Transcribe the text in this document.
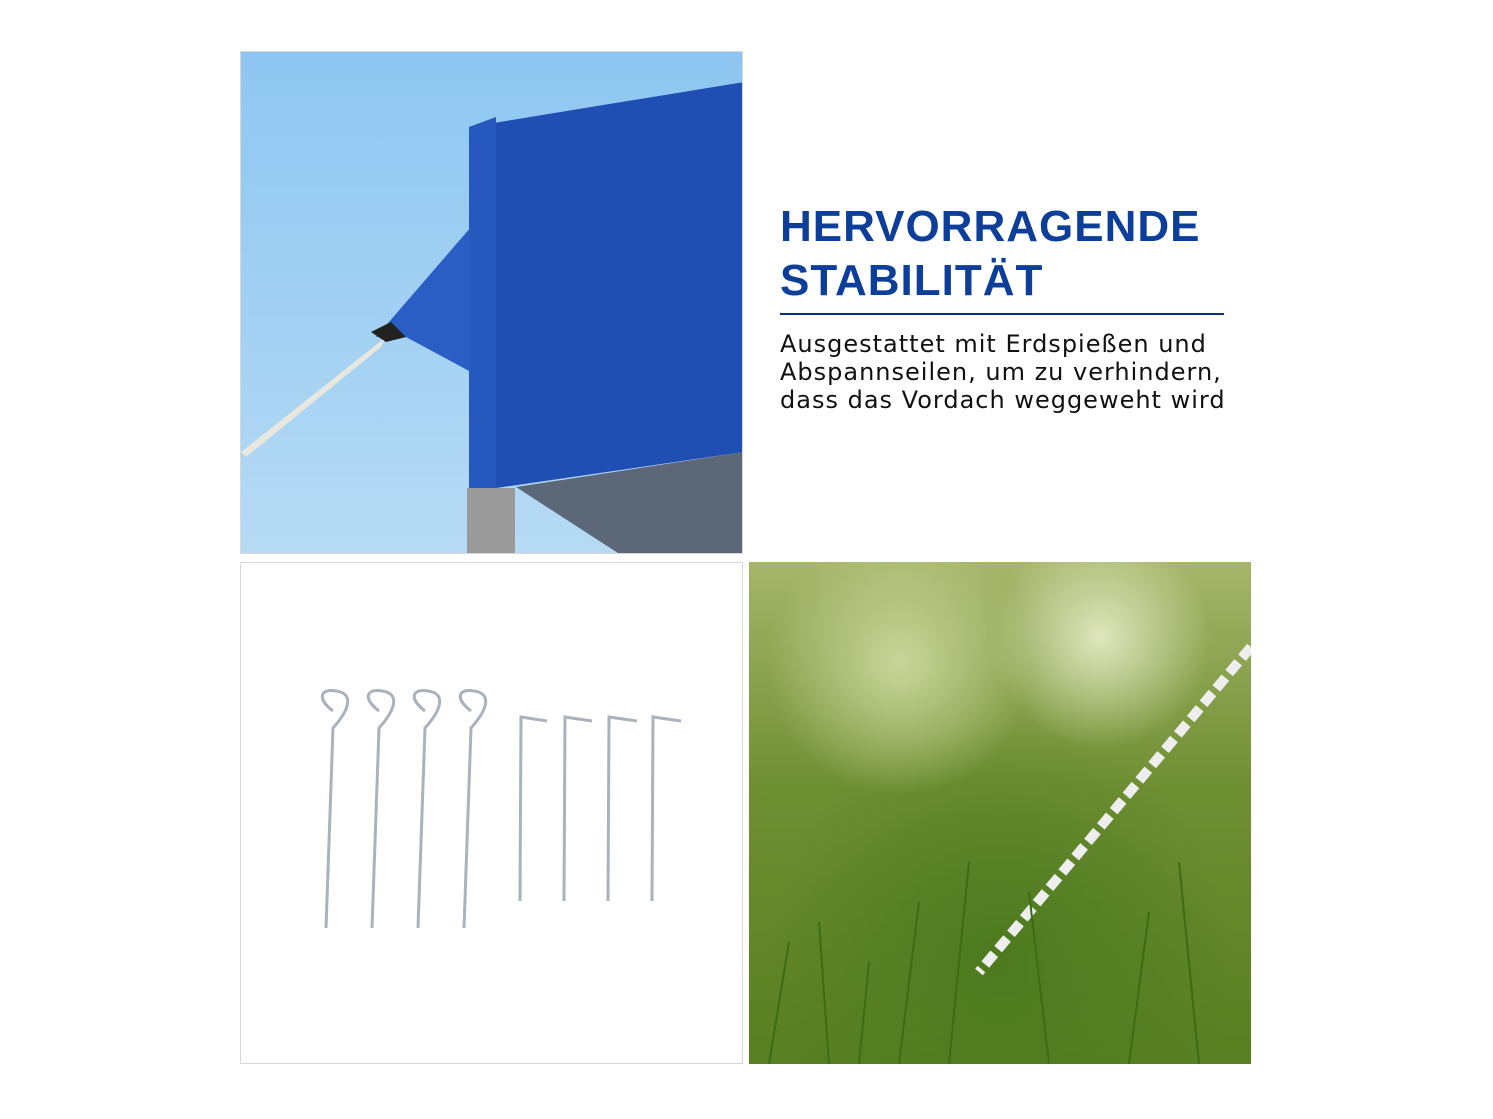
HERVORRAGENDE
STABILITÄT
Ausgestattet mit Erdspießen und
Abspannseilen, um zu verhindern,
dass das Vordach weggeweht wird
